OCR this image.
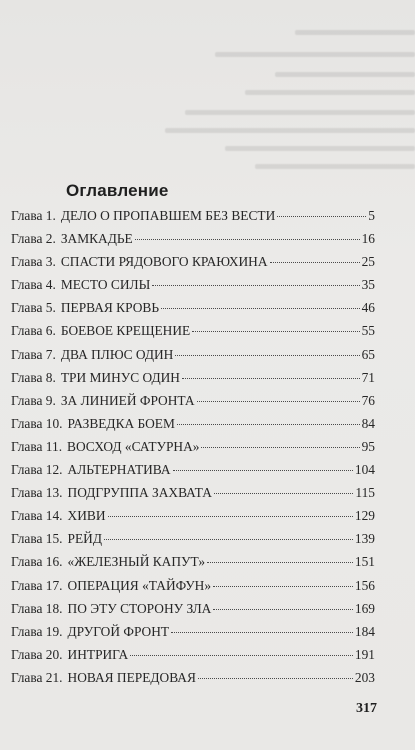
Оглавление
Глава 1. ДЕЛО О ПРОПАВШЕМ БЕЗ ВЕСТИ	5
Глава 2. ЗАМКАДЬЕ	16
Глава 3. СПАСТИ РЯДОВОГО КРАЮХИНА	25
Глава 4. МЕСТО СИЛЫ	35
Глава 5. ПЕРВАЯ КРОВЬ	46
Глава 6. БОЕВОЕ КРЕЩЕНИЕ	55
Глава 7. ДВА ПЛЮС ОДИН	65
Глава 8. ТРИ МИНУС ОДИН	71
Глава 9. ЗА ЛИНИЕЙ ФРОНТА	76
Глава 10. РАЗВЕДКА БОЕМ	84
Глава 11. ВОСХОД «САТУРНА»	95
Глава 12. АЛЬТЕРНАТИВА	104
Глава 13. ПОДГРУППА ЗАХВАТА	115
Глава 14. ХИВИ	129
Глава 15. РЕЙД	139
Глава 16. «ЖЕЛЕЗНЫЙ КАПУТ»	151
Глава 17. ОПЕРАЦИЯ «ТАЙФУН»	156
Глава 18. ПО ЭТУ СТОРОНУ ЗЛА	169
Глава 19. ДРУГОЙ ФРОНТ	184
Глава 20. ИНТРИГА	191
Глава 21. НОВАЯ ПЕРЕДОВАЯ	203
317
